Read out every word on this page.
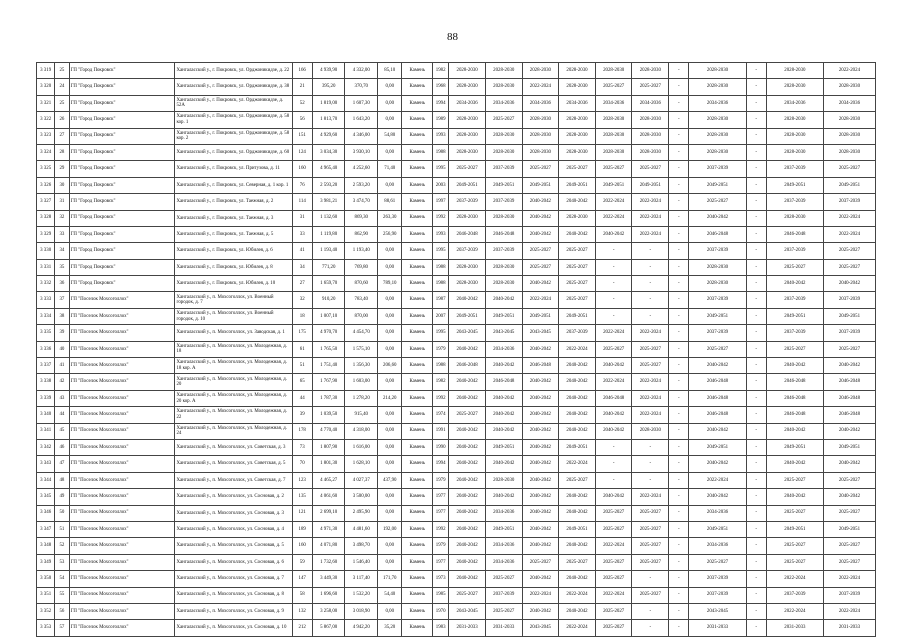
88
3 319	25	ГП "Город Покровск"	Хангаласский у., г. Покровск, ул. Орджоникидзе, д. 22	166	4 939,90	4 332,00	85,10	Камень	1982	2028-2030	2028-2030	2028-2030	2028-2030	2028-2030	2028-2030	-	2028-2030	-	2028-2030	2022-2024
3 320	24	ГП "Город Покровск"	Хангаласский у., г. Покровск, ул. Орджоникидзе, д. 38	21	395,20	370,70	0,00	Камень	1968	2028-2030	2028-2030	2022-2024	2028-2030	2025-2027	2025-2027	-	2028-2030	-	2028-2030	2028-2030
3 321	25	ГП "Город Покровск"	Хангаласский у., г. Покровск, ул. Орджоникидзе, д. 52А	52	1 819,00	1 607,30	0,00	Камень	1994	2034-2036	2034-2036	2034-2036	2034-2036	2034-2036	2034-2036	-	2034-2036	-	2034-2036	2034-2036
3 322	26	ГП "Город Покровск"	Хангаласский у., г. Покровск, ул. Орджоникидзе, д. 58 кор. 1	56	1 813,70	1 643,20	0,00	Камень	1989	2028-2030	2025-2027	2028-2030	2028-2030	2028-2030	2028-2030	-	2028-2030	-	2028-2030	2028-2030
3 323	27	ГП "Город Покровск"	Хангаласский у., г. Покровск, ул. Орджоникидзе, д. 58 кор. 2	151	4 929,60	4 346,00	54,80	Камень	1993	2028-2030	2028-2030	2028-2030	2028-2030	2028-2030	2028-2030	-	2028-2030	-	2028-2030	2028-2030
3 324	28	ГП "Город Покровск"	Хангаласский у., г. Покровск, ул. Орджоникидзе, д. 60	124	3 034,30	3 930,10	0,00	Камень	1988	2028-2030	2028-2030	2028-2030	2028-2030	2028-2030	2028-2030	-	2028-2030	-	2028-2030	2028-2030
3 325	29	ГП "Город Покровск"	Хангаласский у., г. Покровск, ул. Притузова, д. 11	160	4 965,40	4 252,60	71,40	Камень	1995	2025-2027	2037-2039	2025-2027	2025-2027	2025-2027	2025-2027	-	2037-2039	-	2037-2039	2025-2027
3 326	30	ГП "Город Покровск"	Хангаласский у., г. Покровск, ул. Северная, д. 1 кор. 1	76	2 593,20	2 593,20	0,00	Камень	2003	2049-2051	2049-2051	2049-2051	2049-2051	2049-2051	2049-2051	-	2049-2051	-	2049-2051	2049-2051
3 327	31	ГП "Город Покровск"	Хангаласский у., г. Покровск, ул. Таежная, д. 2	114	3 981,21	3 474,70	88,61	Камень	1997	2037-2039	2037-2039	2040-2042	2040-2042	2022-2024	2022-2024	-	2025-2027	-	2037-2039	2037-2039
3 328	32	ГП "Город Покровск"	Хангаласский у., г. Покровск, ул. Таежная, д. 3	31	1 132,60	869,30	263,30	Камень	1992	2028-2030	2028-2030	2040-2042	2028-2030	2022-2024	2022-2024	-	2040-2042	-	2028-2030	2022-2024
3 329	33	ГП "Город Покровск"	Хангаласский у., г. Покровск, ул. Таежная, д. 5	33	1 119,80	862,90	256,90	Камень	1993	2046-2048	2046-2048	2040-2042	2040-2042	2040-2042	2022-2024	-	2046-2048	-	2046-2048	2022-2024
3 330	34	ГП "Город Покровск"	Хангаласский у., г. Покровск, ул. Юбилея, д. 6	41	1 193,40	1 193,40	0,00	Камень	1995	2037-2039	2037-2039	2025-2027	2025-2027	-	-	-	2037-2039	-	2037-2039	2025-2027
3 331	35	ГП "Город Покровск"	Хангаласский у., г. Покровск, ул. Юбилея, д. 8	34	771,20	769,80	0,00	Камень	1988	2028-2030	2028-2030	2025-2027	2025-2027	-	-	-	2028-2030	-	2025-2027	2025-2027
3 332	36	ГП "Город Покровск"	Хангаласский у., г. Покровск, ул. Юбилея, д. 10	27	1 659,70	870,60	789,10	Камень	1988	2028-2030	2028-2030	2040-2042	2025-2027	-	-	-	2028-2030	-	2040-2042	2040-2042
3 333	37	ГП "Поселок Мохсоголлох"	Хангаласский у., п. Мохсоголлох, ул. Военный городок, д. 7	32	910,20	783,40	0,00	Камень	1987	2040-2042	2040-2042	2022-2024	2025-2027	-	-	-	2037-2039	-	2037-2039	2037-2039
3 334	38	ГП "Поселок Мохсоголлох"	Хангаласский у., п. Мохсоголлох, ул. Военный городок, д. 10	18	1 007,10	870,00	0,00	Камень	2007	2049-2051	2049-2051	2049-2051	2049-2051	-	-	-	2049-2051	-	2049-2051	2049-2051
3 335	39	ГП "Поселок Мохсоголлох"	Хангаласский у., п. Мохсоголлох, ул. Заводская, д. 1	175	4 970,70	4 454,70	0,00	Камень	1995	2043-2045	2043-2045	2043-2045	2037-2039	2022-2024	2022-2024	-	2037-2039	-	2037-2039	2037-2039
3 336	40	ГП "Поселок Мохсоголлох"	Хангаласский у., п. Мохсоголлох, ул. Молодежная, д. 18	61	1 765,50	1 575,10	0,00	Камень	1979	2040-2042	2034-2036	2040-2042	2022-2024	2025-2027	2025-2027	-	2025-2027	-	2025-2027	2025-2027
3 337	41	ГП "Поселок Мохсоголлох"	Хангаласский у., п. Мохсоголлох, ул. Молодежная, д. 18 кор. А	51	1 751,40	1 356,30	206,60	Камень	1988	2046-2048	2040-2042	2046-2048	2040-2042	2040-2042	2025-2027	-	2040-2042	-	2040-2042	2040-2042
3 338	42	ГП "Поселок Мохсоголлох"	Хангаласский у., п. Мохсоголлох, ул. Молодежная, д. 20	65	1 767,90	1 603,00	0,00	Камень	1982	2040-2042	2046-2048	2040-2042	2040-2042	2022-2024	2022-2024	-	2046-2048	-	2046-2048	2046-2048
3 339	43	ГП "Поселок Мохсоголлох"	Хангаласский у., п. Мохсоголлох, ул. Молодежная, д. 20 кор. А	44	1 787,30	1 278,20	214,20	Камень	1992	2040-2042	2040-2042	2040-2042	2040-2042	2046-2048	2022-2024	-	2046-2048	-	2046-2048	2046-2048
3 340	44	ГП "Поселок Мохсоголлох"	Хангаласский у., п. Мохсоголлох, ул. Молодежная, д. 22	39	1 039,50	915,40	0,00	Камень	1974	2025-2027	2040-2042	2040-2042	2040-2042	2040-2042	2022-2024	-	2046-2048	-	2046-2048	2046-2048
3 341	45	ГП "Поселок Мохсоголлох"	Хангаласский у., п. Мохсоголлох, ул. Молодежная, д. 24	178	4 770,40	4 318,00	0,00	Камень	1991	2040-2042	2040-2042	2040-2042	2040-2042	2040-2042	2028-2030	-	2040-2042	-	2040-2042	2040-2042
3 342	46	ГП "Поселок Мохсоголлох"	Хангаласский у., п. Мохсоголлох, ул. Советская, д. 3	73	1 807,90	1 616,00	0,00	Камень	1990	2040-2042	2049-2051	2040-2042	2049-2051	-	-	-	2049-2051	-	2049-2051	2049-2051
3 343	47	ГП "Поселок Мохсоголлох"	Хангаласский у., п. Мохсоголлох, ул. Советская, д. 5	70	1 801,30	1 628,10	0,00	Камень	1994	2040-2042	2040-2042	2040-2042	2022-2024	-	-	-	2040-2042	-	2040-2042	2040-2042
3 344	48	ГП "Поселок Мохсоголлох"	Хангаласский у., п. Мохсоголлох, ул. Советская, д. 7	123	4 465,27	4 027,37	437,90	Камень	1979	2040-2042	2028-2030	2040-2042	2025-2027	-	-	-	2022-2024	-	2025-2027	2025-2027
3 345	49	ГП "Поселок Мохсоголлох"	Хангаласский у., п. Мохсоголлох, ул. Сосновая, д. 2	135	4 061,60	3 500,00	0,00	Камень	1977	2040-2042	2040-2042	2040-2042	2040-2042	2040-2042	2022-2024	-	2040-2042	-	2040-2042	2040-2042
3 346	50	ГП "Поселок Мохсоголлох"	Хангаласский у., п. Мохсоголлох, ул. Сосновая, д. 3	121	2 699,10	2 495,90	0,00	Камень	1977	2040-2042	2034-2036	2040-2042	2040-2042	2025-2027	2025-2027	-	2034-2036	-	2025-2027	2025-2027
3 347	51	ГП "Поселок Мохсоголлох"	Хангаласский у., п. Мохсоголлох, ул. Сосновая, д. 4	189	4 971,30	4 481,60	192,00	Камень	1992	2040-2042	2049-2051	2040-2042	2049-2051	2025-2027	2025-2027	-	2049-2051	-	2049-2051	2049-2051
3 348	52	ГП "Поселок Мохсоголлох"	Хангаласский у., п. Мохсоголлох, ул. Сосновая, д. 5	160	4 071,80	3 498,70	0,00	Камень	1979	2040-2042	2034-2036	2040-2042	2040-2042	2022-2024	2025-2027	-	2034-2036	-	2025-2027	2025-2027
3 349	53	ГП "Поселок Мохсоголлох"	Хангаласский у., п. Мохсоголлох, ул. Сосновая, д. 6	59	1 732,60	1 546,40	0,00	Камень	1977	2040-2042	2034-2036	2025-2027	2025-2027	2025-2027	2025-2027	-	2025-2027	-	2025-2027	2025-2027
3 350	54	ГП "Поселок Мохсоголлох"	Хангаласский у., п. Мохсоголлох, ул. Сосновая, д. 7	147	3 449,30	3 117,40	171,70	Камень	1973	2040-2042	2025-2027	2040-2042	2040-2042	2025-2027	-	-	2037-2039	-	2022-2024	2022-2024
3 351	55	ГП "Поселок Мохсоголлох"	Хангаласский у., п. Мохсоголлох, ул. Сосновая, д. 8	58	1 696,60	1 532,20	54,40	Камень	1985	2025-2027	2037-2039	2022-2024	2022-2024	2022-2024	2025-2027	-	2037-2039	-	2037-2039	2037-2039
3 352	56	ГП "Поселок Мохсоголлох"	Хангаласский у., п. Мохсоголлох, ул. Сосновая, д. 9	132	3 258,00	3 018,90	0,00	Камень	1970	2043-2045	2025-2027	2040-2042	2040-2042	2025-2027	-	-	2043-2045	-	2022-2024	2022-2024
3 353	57	ГП "Поселок Мохсоголлох"	Хангаласский у., п. Мохсоголлох, ул. Сосновая, д. 10	212	5 867,00	4 942,20	35,20	Камень	1983	2031-2033	2031-2033	2043-2045	2022-2024	2025-2027	-	-	2031-2033	-	2031-2033	2031-2033
